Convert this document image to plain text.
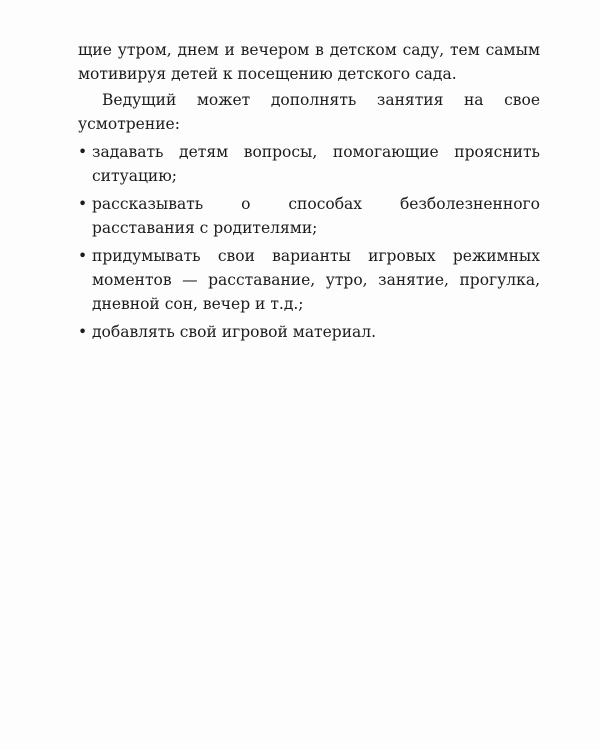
щие утром, днем и вечером в детском саду, тем самым мотивируя детей к посещению детского сада.

Ведущий может дополнять занятия на свое усмотрение:

• задавать детям вопросы, помогающие прояснить ситуацию;
• рассказывать о способах безболезненного расставания с родителями;
• придумывать свои варианты игровых режимных моментов — расставание, утро, занятие, прогулка, дневной сон, вечер и т.д.;
• добавлять свой игровой материал.
